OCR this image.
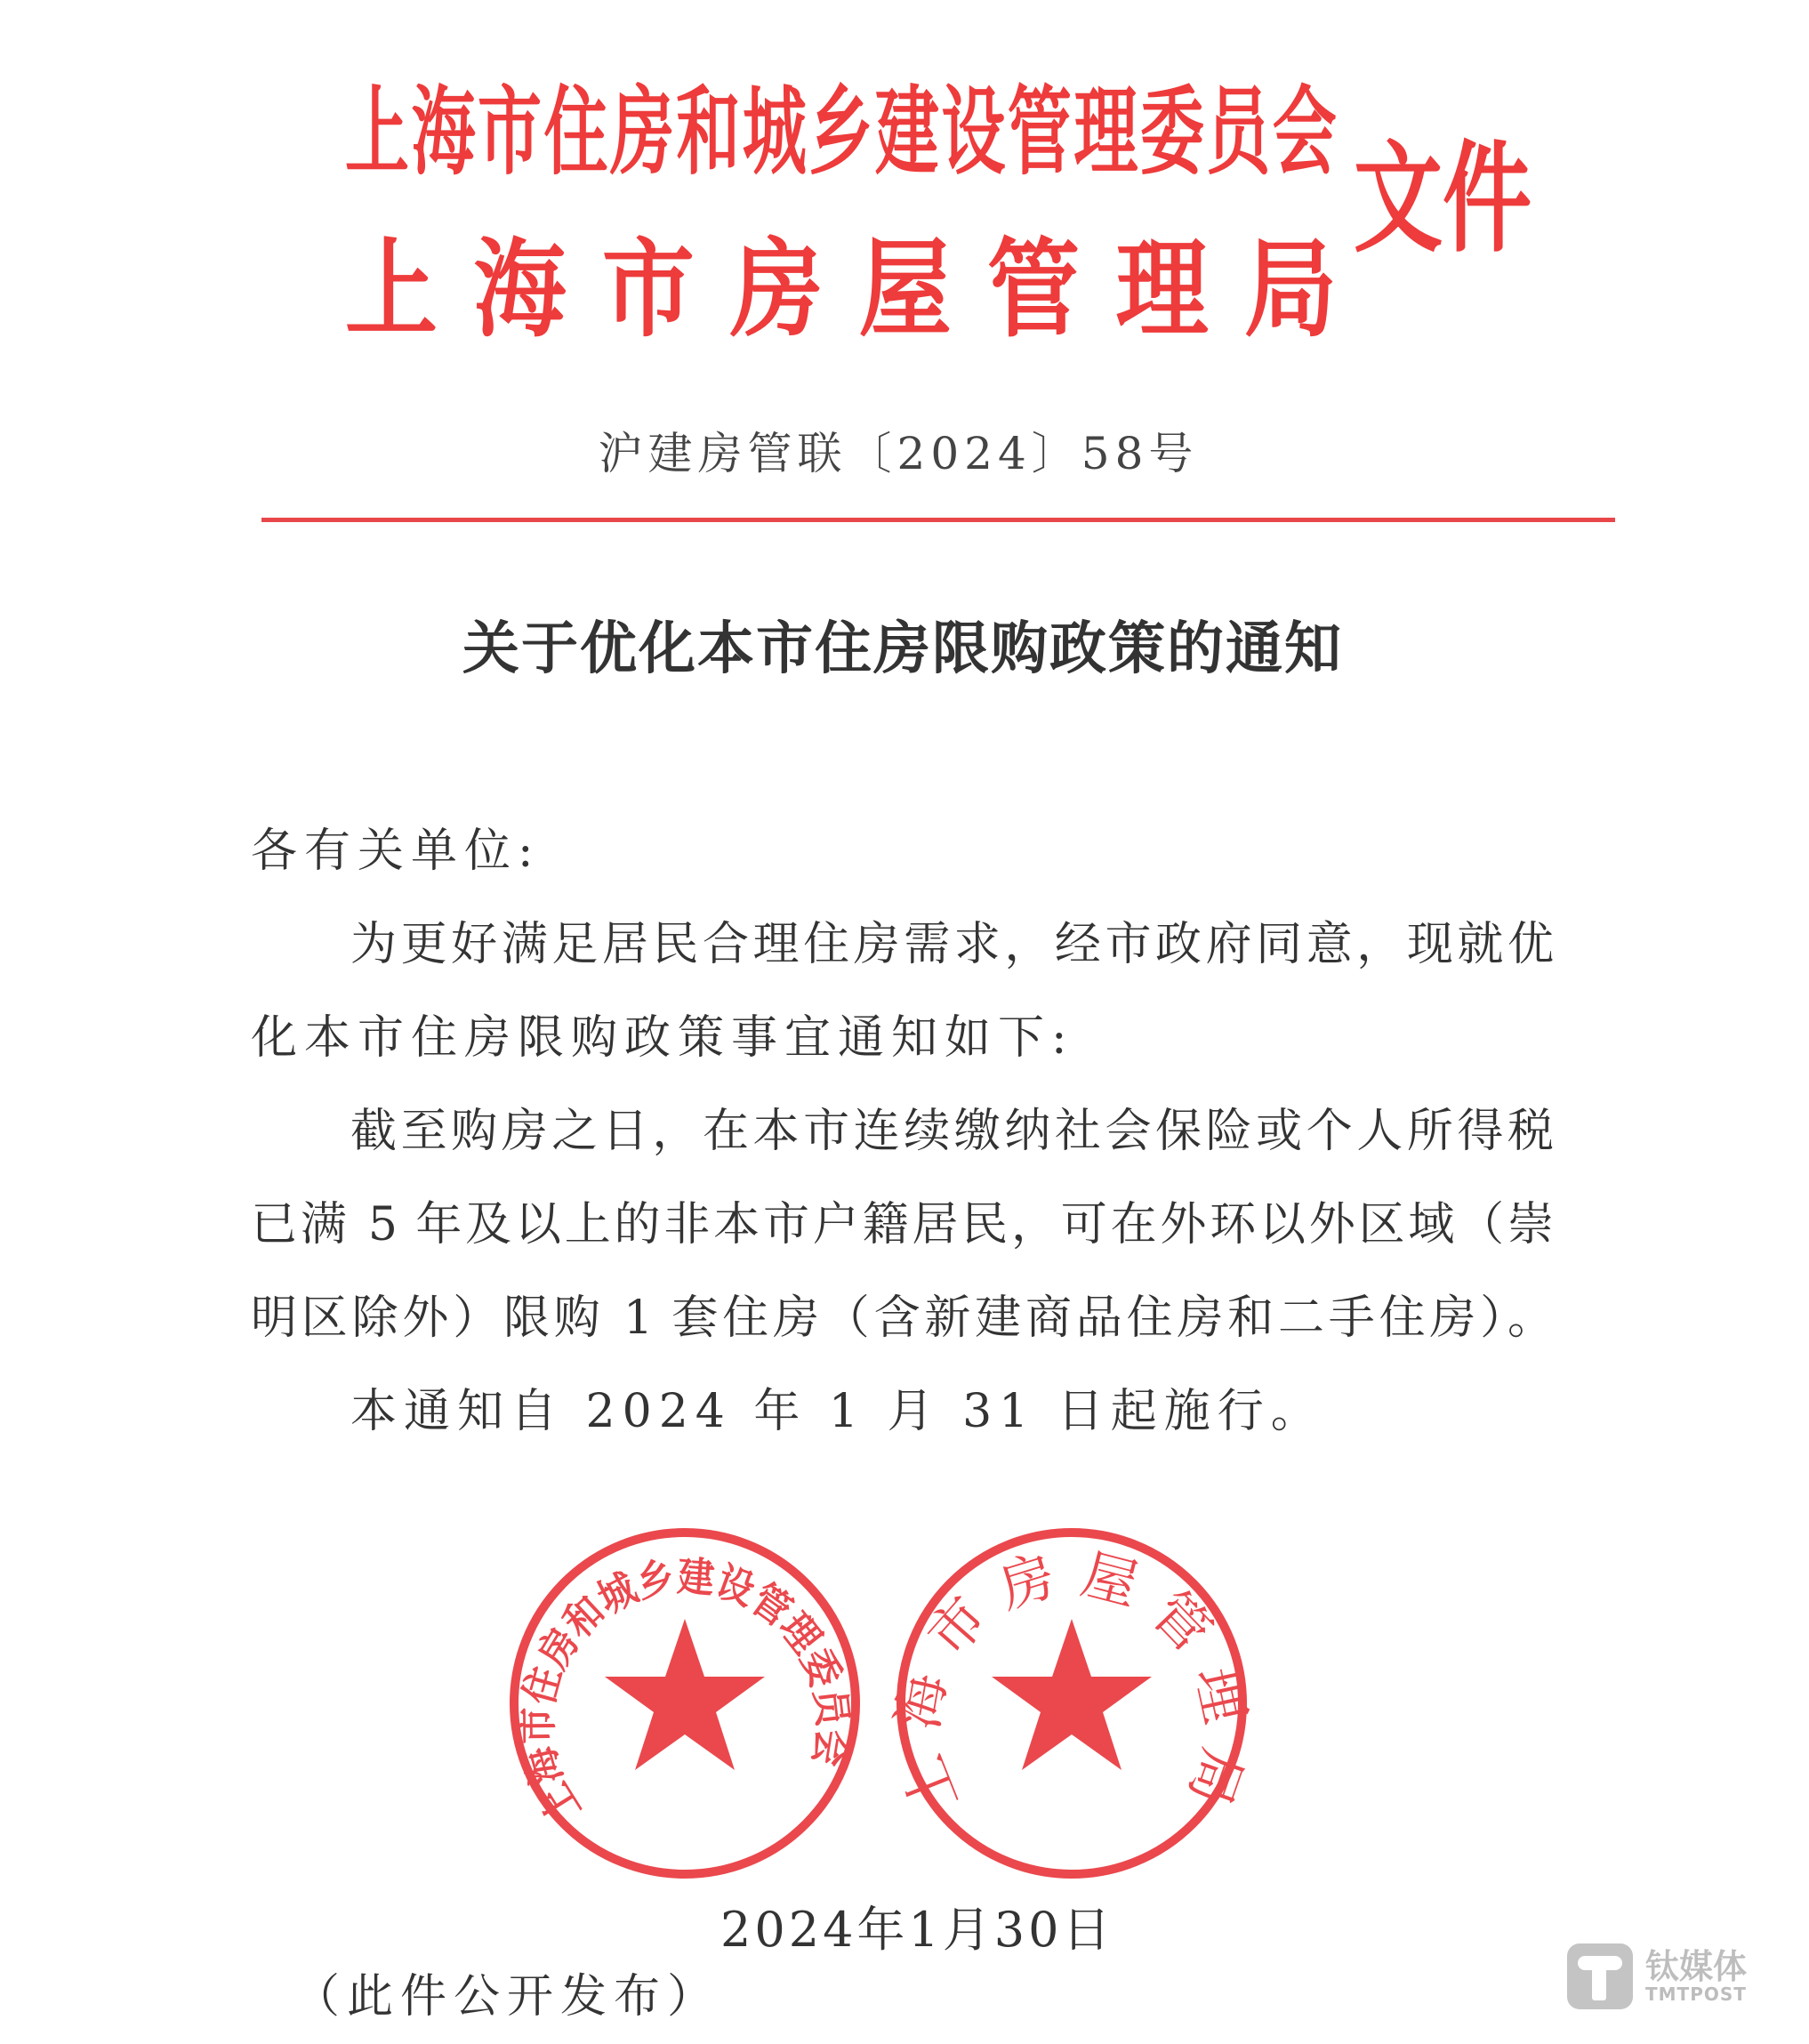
上 海 市 住 房 和 城 乡 建 设 管 理 委 员 会
上 海 市 房 屋 管 理 局
文件
沪建房管联〔2024〕58号
关于优化本市住房限购政策的通知
各有关单位:
为更好满足居民合理住房需求，经市政府同意，现就优
化本市住房限购政策事宜通知如下:
截至购房之日，在本市连续缴纳社会保险或个人所得税
已满 5 年及以上的非本市户籍居民，可在外环以外区域（崇
明区除外）限购 1 套住房（含新建商品住房和二手住房）。
本通知自 2024 年 1 月 31 日起施行。
上海市住房和城乡建设管理委员会 上海市房屋管理局
2024年1月30日
（此件公开发布）
钛媒体
TMTPOST
